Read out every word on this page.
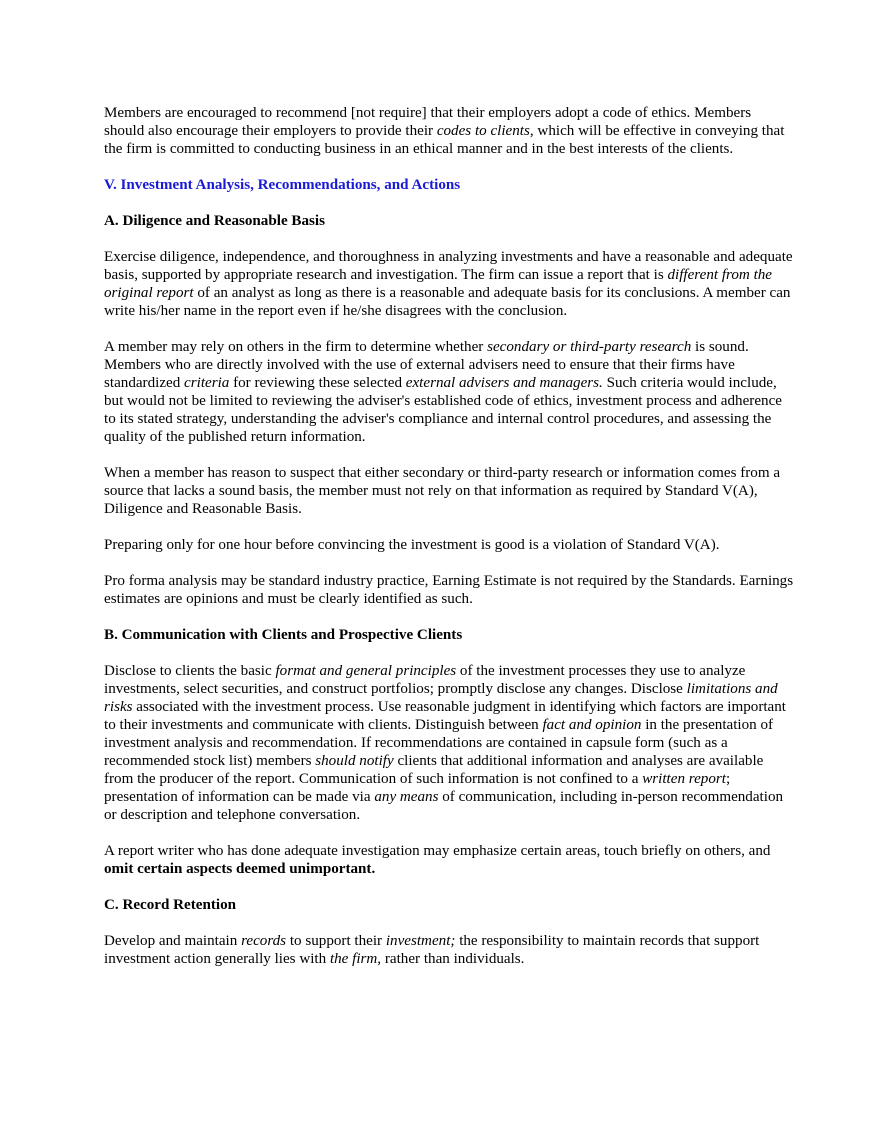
Members are encouraged to recommend [not require] that their employers adopt a code of ethics. Members should also encourage their employers to provide their codes to clients, which will be effective in conveying that the firm is committed to conducting business in an ethical manner and in the best interests of the clients.

V. Investment Analysis, Recommendations, and Actions

A. Diligence and Reasonable Basis

Exercise diligence, independence, and thoroughness in analyzing investments and have a reasonable and adequate basis, supported by appropriate research and investigation. The firm can issue a report that is different from the original report of an analyst as long as there is a reasonable and adequate basis for its conclusions. A member can write his/her name in the report even if he/she disagrees with the conclusion.

A member may rely on others in the firm to determine whether secondary or third-party research is sound. Members who are directly involved with the use of external advisers need to ensure that their firms have standardized criteria for reviewing these selected external advisers and managers. Such criteria would include, but would not be limited to reviewing the adviser's established code of ethics, investment process and adherence to its stated strategy, understanding the adviser's compliance and internal control procedures, and assessing the quality of the published return information.

When a member has reason to suspect that either secondary or third-party research or information comes from a source that lacks a sound basis, the member must not rely on that information as required by Standard V(A), Diligence and Reasonable Basis.

Preparing only for one hour before convincing the investment is good is a violation of Standard V(A).

Pro forma analysis may be standard industry practice, Earning Estimate is not required by the Standards. Earnings estimates are opinions and must be clearly identified as such.

B. Communication with Clients and Prospective Clients

Disclose to clients the basic format and general principles of the investment processes they use to analyze investments, select securities, and construct portfolios; promptly disclose any changes. Disclose limitations and risks associated with the investment process. Use reasonable judgment in identifying which factors are important to their investments and communicate with clients. Distinguish between fact and opinion in the presentation of investment analysis and recommendation. If recommendations are contained in capsule form (such as a recommended stock list) members should notify clients that additional information and analyses are available from the producer of the report. Communication of such information is not confined to a written report; presentation of information can be made via any means of communication, including in-person recommendation or description and telephone conversation.

A report writer who has done adequate investigation may emphasize certain areas, touch briefly on others, and omit certain aspects deemed unimportant.

C. Record Retention

Develop and maintain records to support their investment; the responsibility to maintain records that support investment action generally lies with the firm, rather than individuals.
